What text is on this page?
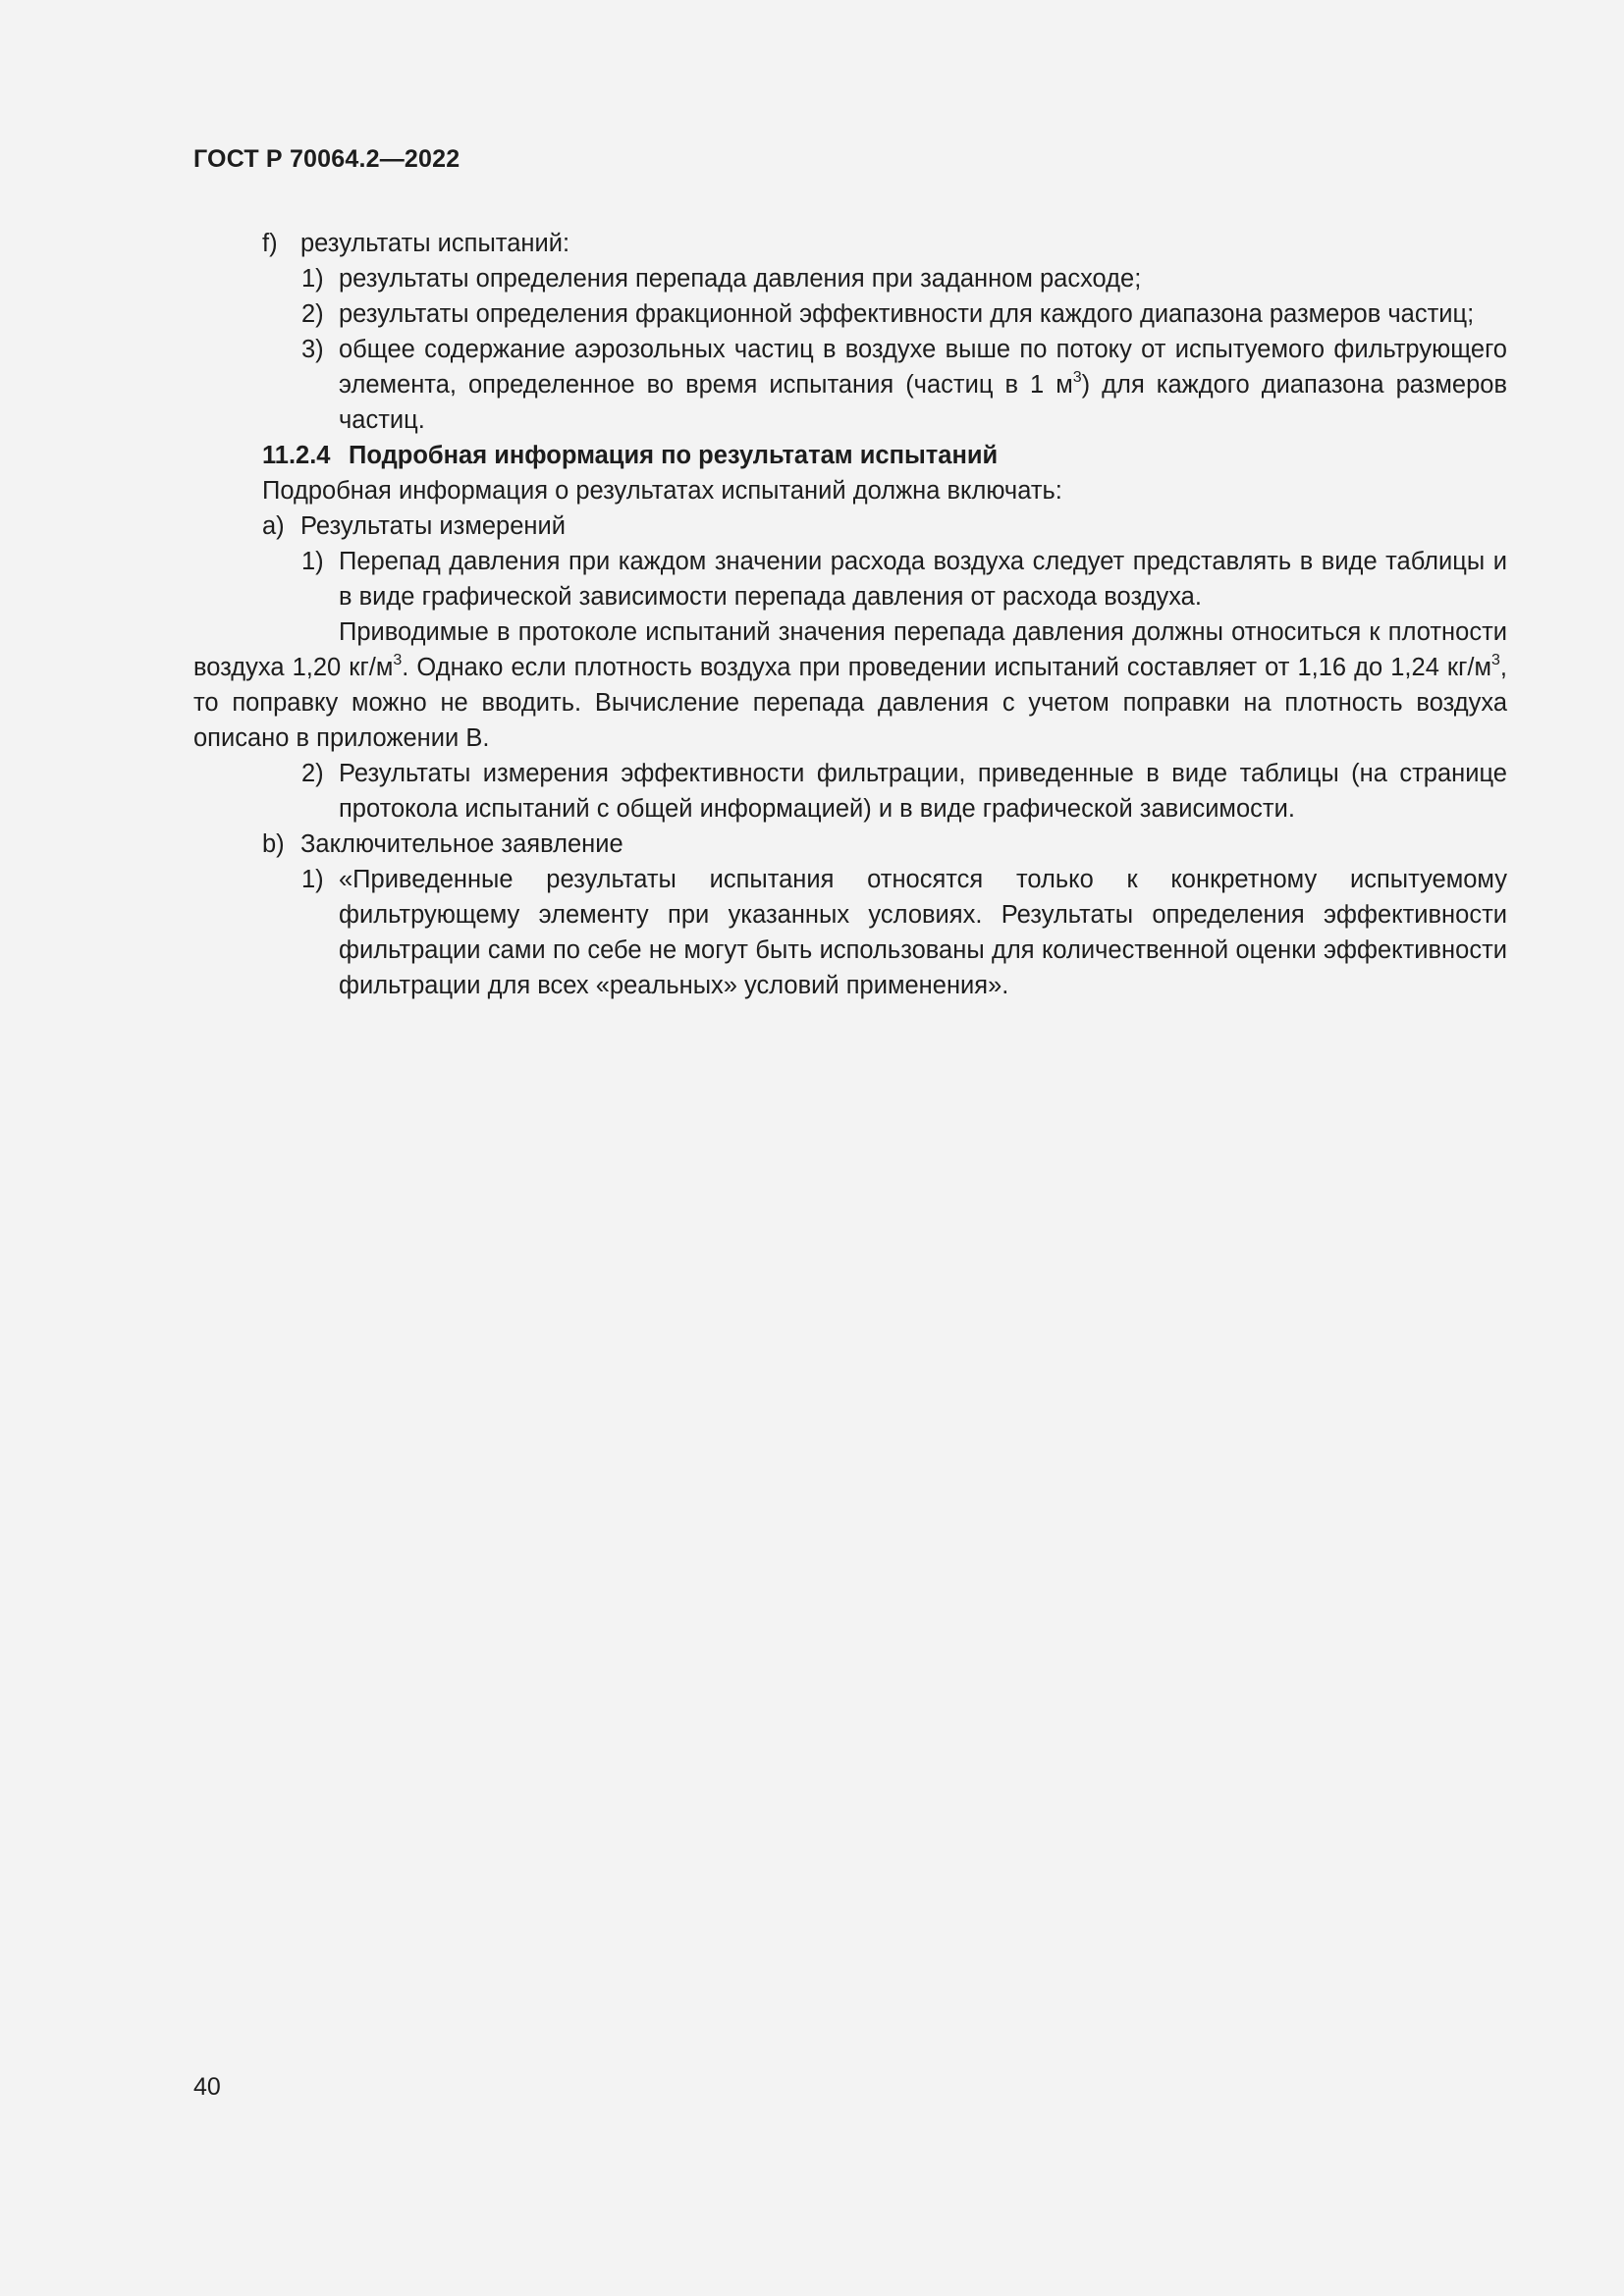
ГОСТ Р 70064.2—2022
f) результаты испытаний:
1) результаты определения перепада давления при заданном расходе;
2) результаты определения фракционной эффективности для каждого диапазона размеров частиц;
3) общее содержание аэрозольных частиц в воздухе выше по потоку от испытуемого фильтрующего элемента, определенное во время испытания (частиц в 1 $м^3$) для каждого диапазона размеров частиц.
11.2.4 Подробная информация по результатам испытаний
Подробная информация о результатах испытаний должна включать:
a) Результаты измерений
1) Перепад давления при каждом значении расхода воздуха следует представлять в виде таблицы и в виде графической зависимости перепада давления от расхода воздуха.
Приводимые в протоколе испытаний значения перепада давления должны относиться к плотности воздуха 1,20 $кг/м^3$. Однако если плотность воздуха при проведении испытаний составляет от 1,16 до 1,24 $кг/м^3$, то поправку можно не вводить. Вычисление перепада давления с учетом поправки на плотность воздуха описано в приложении В.
2) Результаты измерения эффективности фильтрации, приведенные в виде таблицы (на странице протокола испытаний с общей информацией) и в виде графической зависимости.
b) Заключительное заявление
1) «Приведенные результаты испытания относятся только к конкретному испытуемому фильтрующему элементу при указанных условиях. Результаты определения эффективности фильтрации сами по себе не могут быть использованы для количественной оценки эффективности фильтрации для всех «реальных» условий применения».
40
